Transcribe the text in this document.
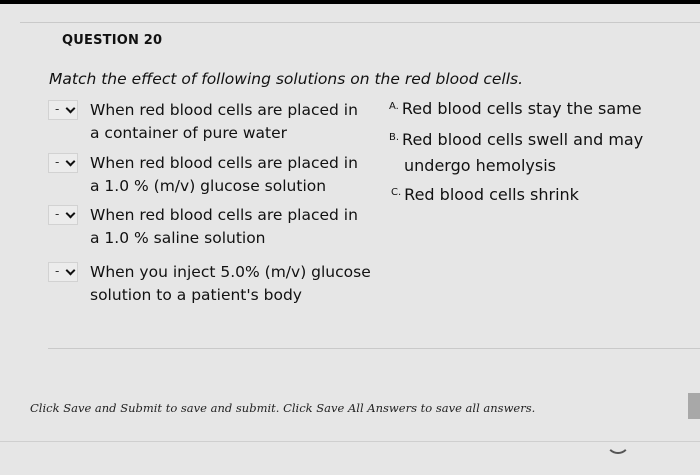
QUESTION 20
Match the effect of following solutions on the red blood cells.
- When red blood cells are placed in
a container of pure water
- When red blood cells are placed in
a 1.0 % (m/v) glucose solution
- When red blood cells are placed in
a 1.0 % saline solution
- When you inject 5.0% (m/v) glucose
solution to a patient's body
$^{A.}$ Red blood cells stay the same
$^{B.}$ Red blood cells swell and may
undergo hemolysis
$^{C.}$ Red blood cells shrink
Click Save and Submit to save and submit. Click Save All Answers to save all answers.
